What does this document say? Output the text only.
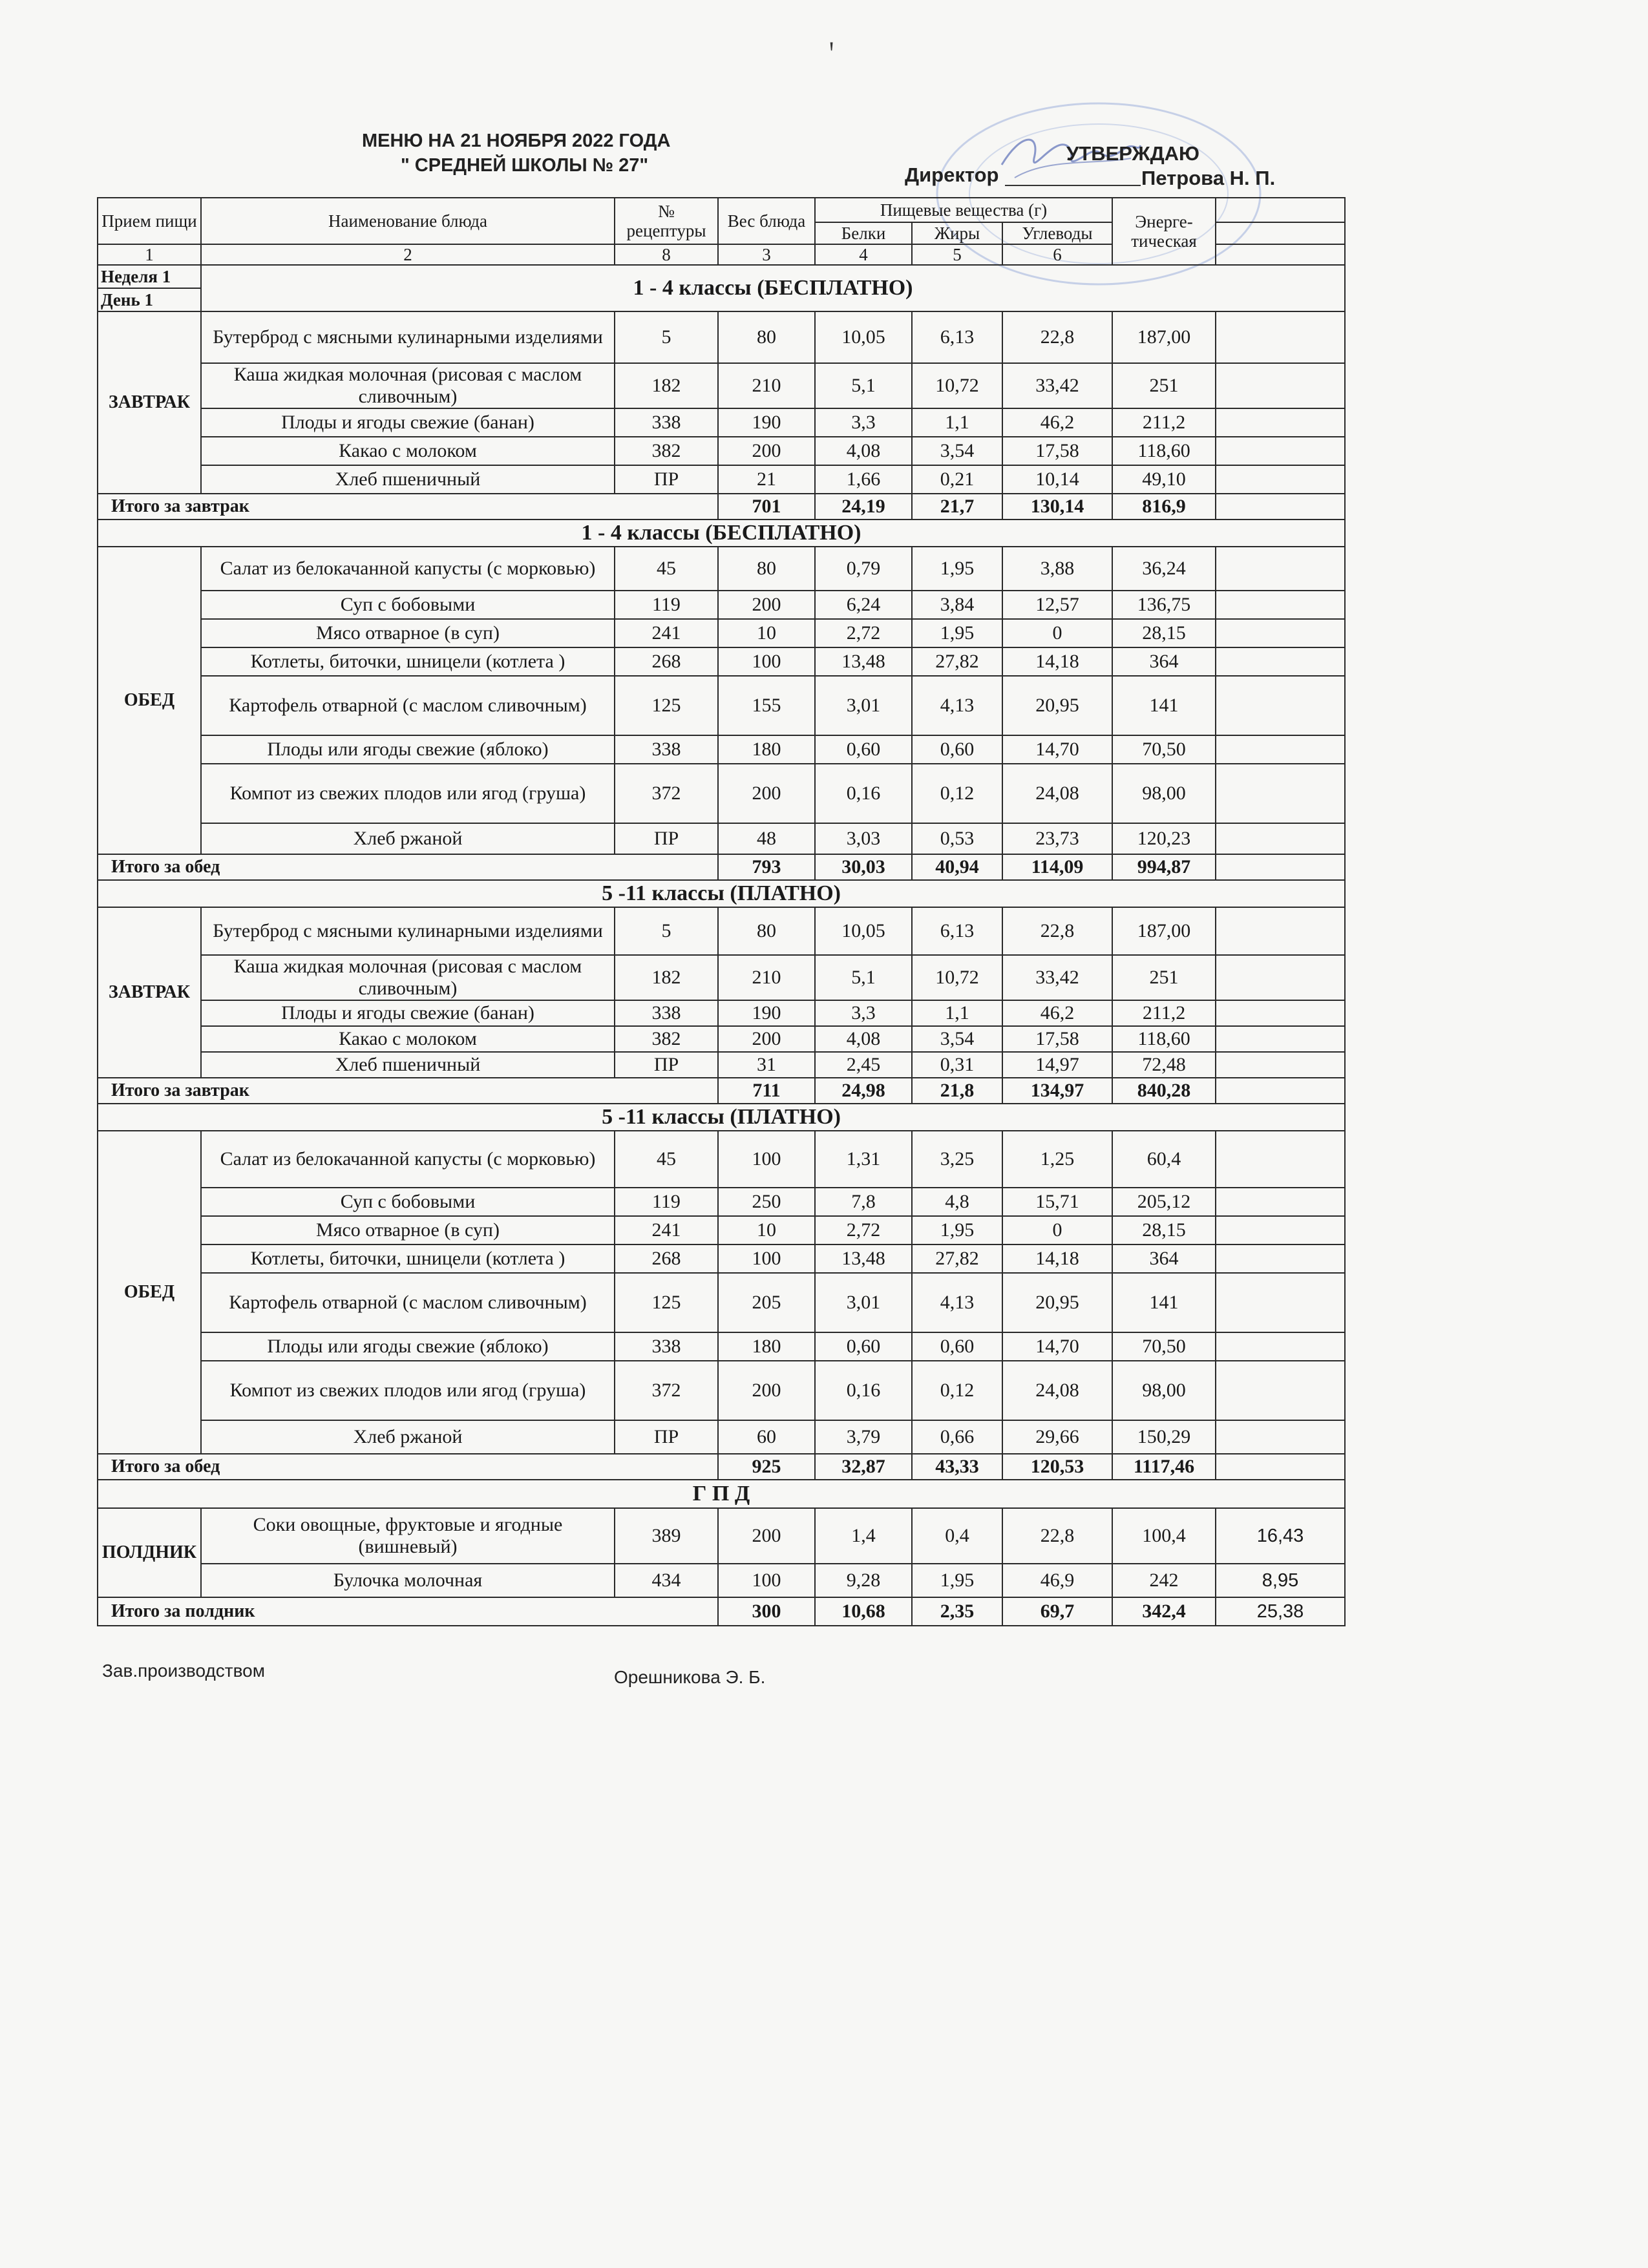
МЕНЮ НА 21 НОЯБРЯ 2022 ГОДА
" СРЕДНЕЙ ШКОЛЫ № 27"
УТВЕРЖДАЮ
Директор	Петрова Н. П.
ꞌ
Прием пищи	Наименование блюда	№ рецептуры	Вес блюда	Пищевые вещества (г)			Энерге- тическая	
				Белки	Жиры	Углеводы		
1	2	8	3	4	5	6		
Неделя 1	1 - 4 классы (БЕСПЛАТНО)							
День 1								
ЗАВТРАК	Бутерброд с мясными кулинарными изделиями	5	80	10,05	6,13	22,8	187,00	
	Каша жидкая молочная (рисовая с маслом сливочным)	182	210	5,1	10,72	33,42	251	
	Плоды и ягоды свежие (банан)	338	190	3,3	1,1	46,2	211,2	
	Какао с молоком	382	200	4,08	3,54	17,58	118,60	
	Хлеб пшеничный	ПР	21	1,66	0,21	10,14	49,10	
Итого за завтрак			701	24,19	21,7	130,14	816,9	
1 - 4 классы (БЕСПЛАТНО)								
ОБЕД	Салат из белокачанной капусты (с морковью)	45	80	0,79	1,95	3,88	36,24	
	Суп с бобовыми	119	200	6,24	3,84	12,57	136,75	
	Мясо отварное (в суп)	241	10	2,72	1,95	0	28,15	
	Котлеты, биточки, шницели (котлета )	268	100	13,48	27,82	14,18	364	
	Картофель отварной (с маслом сливочным)	125	155	3,01	4,13	20,95	141	
	Плоды или ягоды свежие (яблоко)	338	180	0,60	0,60	14,70	70,50	
	Компот из свежих плодов или ягод (груша)	372	200	0,16	0,12	24,08	98,00	
	Хлеб ржаной	ПР	48	3,03	0,53	23,73	120,23	
Итого за обед			793	30,03	40,94	114,09	994,87	
5 -11 классы (ПЛАТНО)								
ЗАВТРАК	Бутерброд с мясными кулинарными изделиями	5	80	10,05	6,13	22,8	187,00	
	Каша жидкая молочная (рисовая с маслом сливочным)	182	210	5,1	10,72	33,42	251	
	Плоды и ягоды свежие (банан)	338	190	3,3	1,1	46,2	211,2	
	Какао с молоком	382	200	4,08	3,54	17,58	118,60	
	Хлеб пшеничный	ПР	31	2,45	0,31	14,97	72,48	
Итого за завтрак			711	24,98	21,8	134,97	840,28	
5 -11 классы (ПЛАТНО)								
ОБЕД	Салат из белокачанной капусты (с морковью)	45	100	1,31	3,25	1,25	60,4	
	Суп с бобовыми	119	250	7,8	4,8	15,71	205,12	
	Мясо отварное (в суп)	241	10	2,72	1,95	0	28,15	
	Котлеты, биточки, шницели (котлета )	268	100	13,48	27,82	14,18	364	
	Картофель отварной (с маслом сливочным)	125	205	3,01	4,13	20,95	141	
	Плоды или ягоды свежие (яблоко)	338	180	0,60	0,60	14,70	70,50	
	Компот из свежих плодов или ягод (груша)	372	200	0,16	0,12	24,08	98,00	
	Хлеб ржаной	ПР	60	3,79	0,66	29,66	150,29	
Итого за обед			925	32,87	43,33	120,53	1117,46	
Г П Д								
ПОЛДНИК	Соки овощные, фруктовые и ягодные (вишневый)	389	200	1,4	0,4	22,8	100,4	16,43
	Булочка молочная	434	100	9,28	1,95	46,9	242	8,95
Итого за полдник			300	10,68	2,35	69,7	342,4	25,38
Зав.производством	Орешникова Э. Б.
